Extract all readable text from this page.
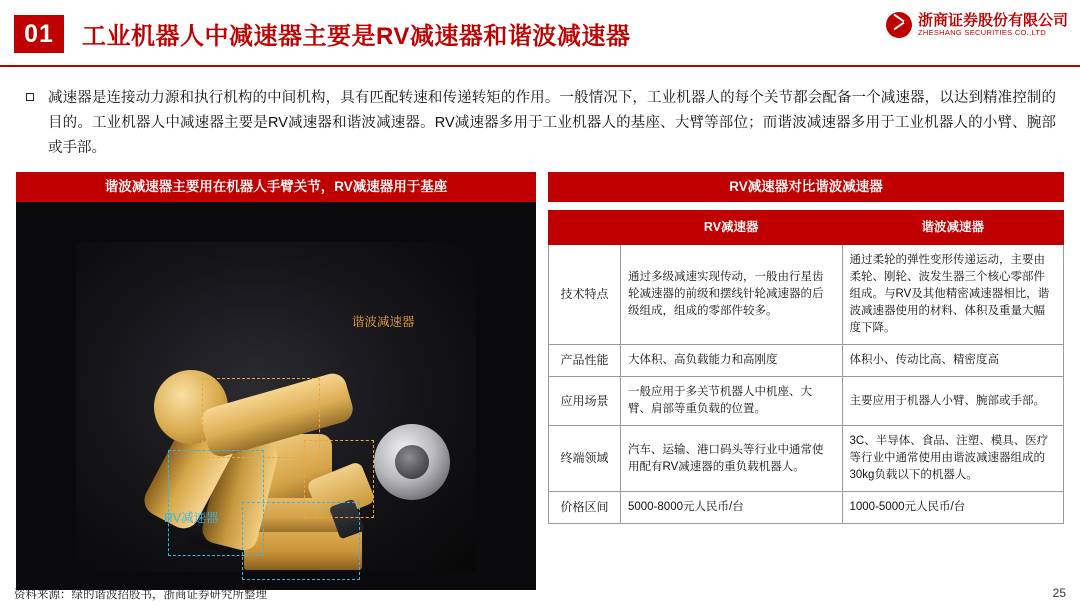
01	工业机器人中减速器主要是RV减速器和谐波减速器
浙商证券股份有限公司
ZHESHANG SECURITIES CO.,LTD
减速器是连接动力源和执行机构的中间机构，具有匹配转速和传递转矩的作用。一般情况下，工业机器人的每个关节都会配备一个减速器，以达到精准控制的目的。工业机器人中减速器主要是RV减速器和谐波减速器。RV减速器多用于工业机器人的基座、大臂等部位；而谐波减速器多用于工业机器人的小臂、腕部或手部。
谐波减速器主要用在机器人手臂关节，RV减速器用于基座
谐波减速器
RV减速器
RV减速器对比谐波减速器
	RV减速器	谐波减速器
技术特点	通过多级减速实现传动，一般由行星齿轮减速器的前级和摆线针轮减速器的后级组成，组成的零部件较多。	通过柔轮的弹性变形传递运动，主要由柔轮、刚轮、波发生器三个核心零部件组成。与RV及其他精密减速器相比，谐波减速器使用的材料、体积及重量大幅度下降。
产品性能	大体积、高负载能力和高刚度	体积小、传动比高、精密度高
应用场景	一般应用于多关节机器人中机座、大臂、肩部等重负载的位置。	主要应用于机器人小臂、腕部或手部。
终端领域	汽车、运输、港口码头等行业中通常使用配有RV减速器的重负载机器人。	3C、半导体、食品、注塑、模具、医疗等行业中通常使用由谐波减速器组成的30kg负载以下的机器人。
价格区间	5000-8000元人民币/台	1000-5000元人民币/台
资料来源：绿的谐波招股书，浙商证券研究所整理	25
